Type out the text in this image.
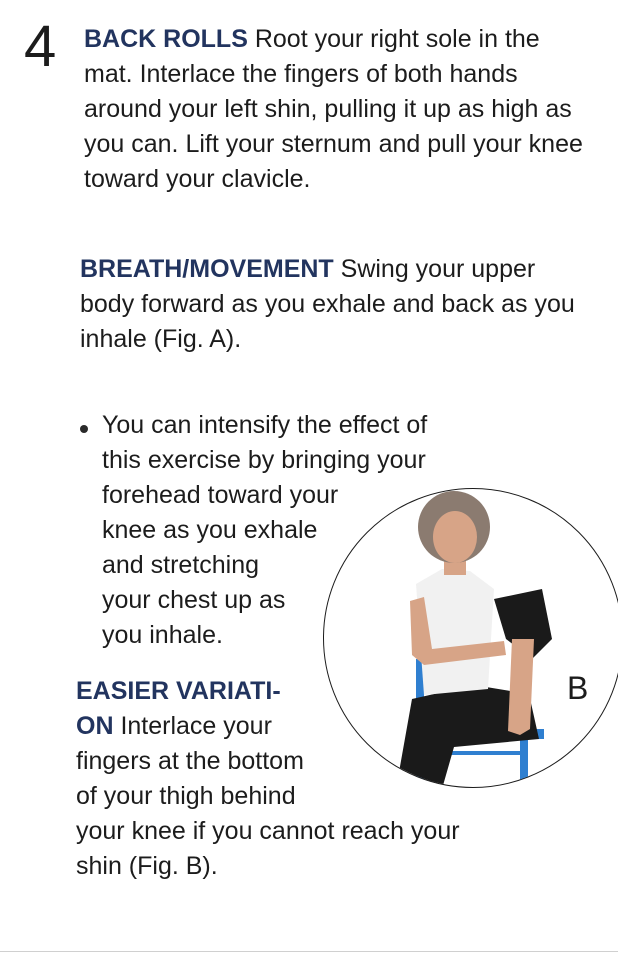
4 BACK ROLLS Root your right sole in the mat. Interlace the fingers of both hands around your left shin, pulling it up as high as you can. Lift your sternum and pull your knee toward your clavicle.

BREATH/MOVEMENT Swing your upper body forward as you exhale and back as you inhale (Fig. A).

You can intensify the effect of
this exercise by bringing your
forehead toward your
knee as you exhale
and stretching
your chest up as
you inhale.

B

EASIER VARIATI-
ON Interlace your
fingers at the bottom
of your thigh behind
your knee if you cannot reach your
shin (Fig. B).
